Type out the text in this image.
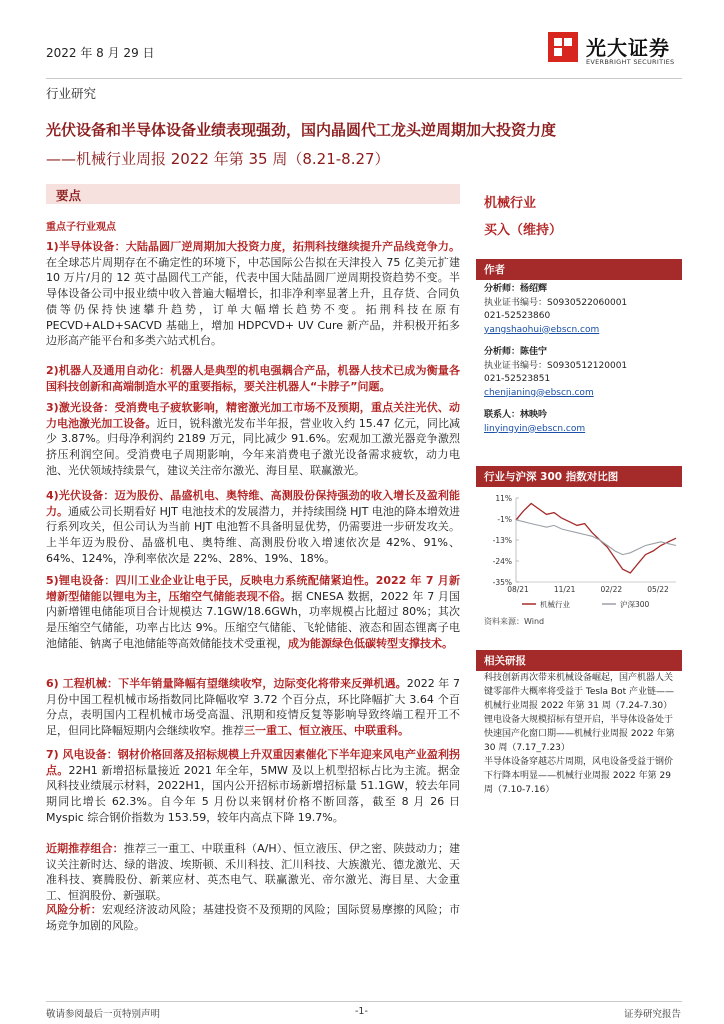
2022 年 8 月 29 日	光大证券
EVERBRIGHT SECURITIES
行业研究
光伏设备和半导体设备业绩表现强劲，国内晶圆代工龙头逆周期加大投资力度
——机械行业周报 2022 年第 35 周（8.21-8.27）
要点
重点子行业观点
1)半导体设备：大陆晶圆厂逆周期加大投资力度，拓荆科技继续提升产品线竞争力。在全球芯片周期存在不确定性的环境下，中芯国际公告拟在天津投入 75 亿美元扩建 10 万片/月的 12 英寸晶圆代工产能，代表中国大陆晶圆厂逆周期投资趋势不变。半导体设备公司中报业绩中收入普遍大幅增长，扣非净利率显著上升，且存货、合同负债等仍保持快速攀升趋势，订单大幅增长趋势不变。拓荆科技在原有 PECVD+ALD+SACVD 基础上，增加 HDPCVD+ UV Cure 新产品，并积极开拓多边形高产能平台和多类六站式机台。
2)机器人及通用自动化：机器人是典型的机电强耦合产品，机器人技术已成为衡量各国科技创新和高端制造水平的重要指标，要关注机器人“卡脖子”问题。
3)激光设备：受消费电子疲软影响，精密激光加工市场不及预期，重点关注光伏、动力电池激光加工设备。近日，锐科激光发布半年报，营业收入约 15.47 亿元，同比减少 3.87%。归母净利润约 2189 万元，同比减少 91.6%。宏观加工激光器竞争激烈挤压利润空间。受消费电子周期影响，今年来消费电子激光设备需求疲软，动力电池、光伏领域持续景气，建议关注帝尔激光、海目星、联赢激光。
4)光伏设备：迈为股份、晶盛机电、奥特维、高测股份保持强劲的收入增长及盈利能力。通威公司长期看好 HJT 电池技术的发展潜力，并持续围绕 HJT 电池的降本增效进行系列攻关，但公司认为当前 HJT 电池暂不具备明显优势，仍需要进一步研发攻关。上半年迈为股份、晶盛机电、奥特维、高测股份收入增速依次是 42%、91%、64%、124%，净利率依次是 22%、28%、19%、18%。
5)锂电设备：四川工业企业让电于民，反映电力系统配储紧迫性。2022 年 7 月新增新型储能以锂电为主，压缩空气储能表现不俗。据 CNESA 数据，2022 年 7 月国内新增锂电储能项目合计规模达 7.1GW/18.6GWh，功率规模占比超过 80%；其次是压缩空气储能，功率占比达 9%。压缩空气储能、飞轮储能、液态和固态锂离子电池储能、钠离子电池储能等高效储能技术受重视，成为能源绿色低碳转型支撑技术。
6) 工程机械：下半年销量降幅有望继续收窄，边际变化将带来反弹机遇。2022 年 7 月份中国工程机械市场指数同比降幅收窄 3.72 个百分点，环比降幅扩大 3.64 个百分点，表明国内工程机械市场受高温、汛期和疫情反复等影响导致终端工程开工不足，但同比降幅短期内会继续收窄。推荐三一重工、恒立液压、中联重科。
7) 风电设备：钢材价格回落及招标规模上升双重因素催化下半年迎来风电产业盈利拐点。22H1 新增招标量接近 2021 年全年，5MW 及以上机型招标占比为主流。据金风科技业绩展示材料，2022H1，国内公开招标市场新增招标量 51.1GW，较去年同期同比增长 62.3%。自今年 5 月份以来钢材价格不断回落，截至 8 月 26 日 Myspic 综合钢价指数为 153.59，较年内高点下降 19.7%。
近期推荐组合：推荐三一重工、中联重科（A/H）、恒立液压、伊之密、陕鼓动力；建议关注新时达、绿的谐波、埃斯顿、禾川科技、汇川科技、大族激光、德龙激光、天准科技、赛腾股份、新莱应材、英杰电气、联赢激光、帝尔激光、海目星、大金重工、恒润股份、新强联。
风险分析：宏观经济波动风险；基建投资不及预期的风险；国际贸易摩擦的风险；市场竞争加剧的风险。
机械行业
买入（维持）
作者
分析师：杨绍辉
执业证书编号：S0930522060001
021-52523860
yangshaohui@ebscn.com
分析师：陈佳宁
执业证书编号：S0930512120001
021-52523851
chenjianing@ebscn.com
联系人：林映吟
linyingyin@ebscn.com
行业与沪深 300 指数对比图
11%
-1%
-13%
-24%
-35%
08/21	11/21	02/22	05/22
机械行业	沪深300
资料来源：Wind
相关研报
科技创新再次带来机械设备崛起，国产机器人关键零部件大概率将受益于 Tesla Bot 产业链——机械行业周报 2022 年第 31 周（7.24-7.30）
锂电设备大规模招标有望开启，半导体设备处于快速国产化窗口期——机械行业周报 2022 年第 30 周（7.17_7.23）
半导体设备穿越芯片周期，风电设备受益于钢价下行降本明显——机械行业周报 2022 年第 29 周（7.10-7.16）
敬请参阅最后一页特别声明	-1-	证券研究报告
